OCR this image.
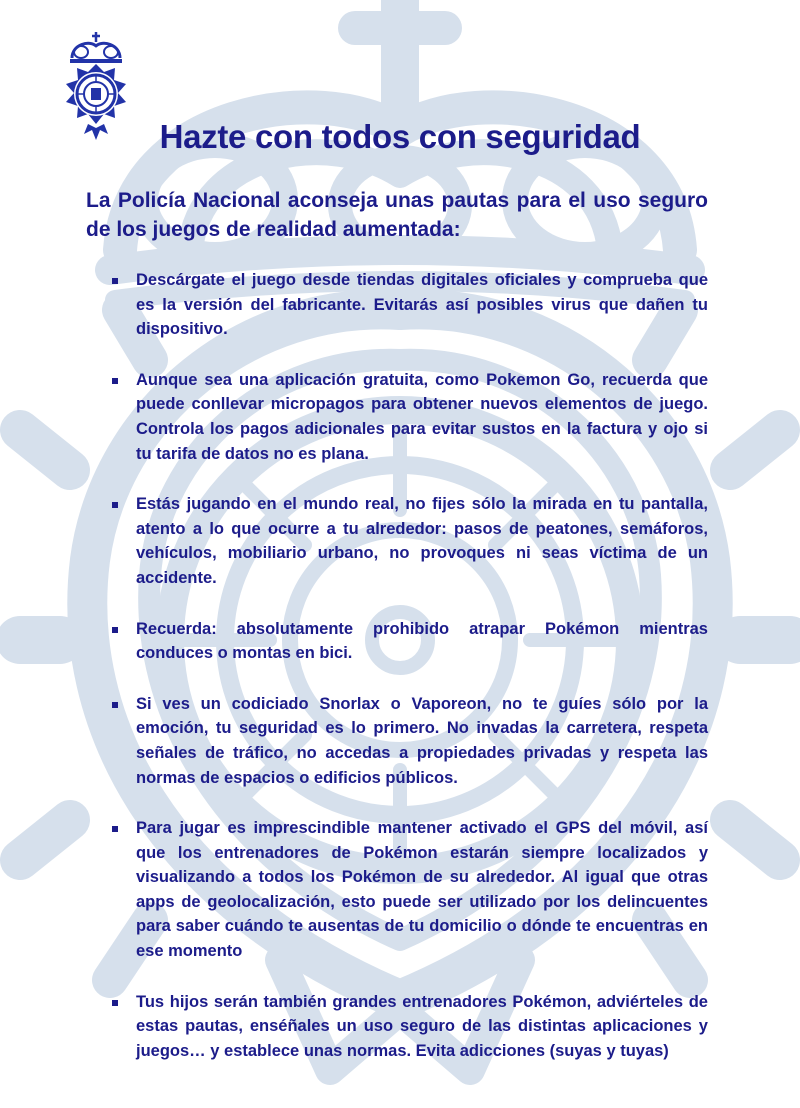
Hazte con todos con seguridad

La Policía Nacional aconseja unas pautas para el uso seguro de los juegos de realidad aumentada:

Descárgate el juego desde tiendas digitales oficiales y comprueba que es la versión del fabricante. Evitarás así posibles virus que dañen tu dispositivo.
Aunque sea una aplicación gratuita, como Pokemon Go, recuerda que puede conllevar micropagos para obtener nuevos elementos de juego. Controla los pagos adicionales para evitar sustos en la factura y ojo si tu tarifa de datos no es plana.
Estás jugando en el mundo real, no fijes sólo la mirada en tu pantalla, atento a lo que ocurre a tu alrededor: pasos de peatones, semáforos, vehículos, mobiliario urbano, no provoques ni seas víctima de un accidente.
Recuerda: absolutamente prohibido atrapar Pokémon mientras conduces o montas en bici.
Si ves un codiciado Snorlax o Vaporeon, no te guíes sólo por la emoción, tu seguridad es lo primero. No invadas la carretera, respeta señales de tráfico, no accedas a propiedades privadas y respeta las normas de espacios o edificios públicos.
Para jugar es imprescindible mantener activado el GPS del móvil, así que los entrenadores de Pokémon estarán siempre localizados y visualizando a todos los Pokémon de su alrededor. Al igual que otras apps de geolocalización, esto puede ser utilizado por los delincuentes para saber cuándo te ausentas de tu domicilio o dónde te encuentras en ese momento
Tus hijos serán también grandes entrenadores Pokémon, adviérteles de estas pautas, enséñales un uso seguro de las distintas aplicaciones y juegos… y establece unas normas. Evita adicciones (suyas y tuyas)
